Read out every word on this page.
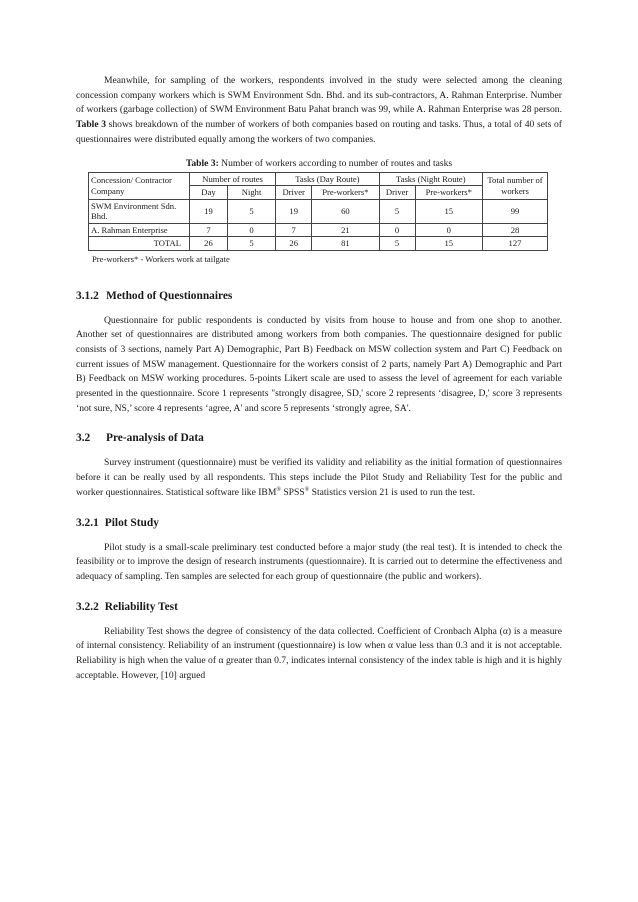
Meanwhile, for sampling of the workers, respondents involved in the study were selected among the cleaning concession company workers which is SWM Environment Sdn. Bhd. and its sub-contractors, A. Rahman Enterprise. Number of workers (garbage collection) of SWM Environment Batu Pahat branch was 99, while A. Rahman Enterprise was 28 person. Table 3 shows breakdown of the number of workers of both companies based on routing and tasks. Thus, a total of 40 sets of questionnaires were distributed equally among the workers of two companies.

Table 3: Number of workers according to number of routes and tasks
Concession/ Contractor Company	Number of routes		Tasks (Day Route)		Tasks (Night Route)		Total number of workers
	Day	Night	Driver	Pre-workers*	Driver	Pre-workers*	
SWM Environment Sdn. Bhd.	19	5	19	60	5	15	99
A. Rahman Enterprise	7	0	7	21	0	0	28
TOTAL	26	5	26	81	5	15	127
Pre-workers* - Workers work at tailgate
3.1.2 Method of Questionnaires

Questionnaire for public respondents is conducted by visits from house to house and from one shop to another. Another set of questionnaires are distributed among workers from both companies. The questionnaire designed for public consists of 3 sections, namely Part A) Demographic, Part B) Feedback on MSW collection system and Part C) Feedback on current issues of MSW management. Questionnaire for the workers consist of 2 parts, namely Part A) Demographic and Part B) Feedback on MSW working procedures. 5-points Likert scale are used to assess the level of agreement for each variable presented in the questionnaire. Score 1 represents "strongly disagree, SD,' score 2 represents ‘disagree, D,' score 3 represents ‘not sure, NS,’ score 4 represents ‘agree, A' and score 5 represents ‘strongly agree, SA'.

3.2 Pre-analysis of Data

Survey instrument (questionnaire) must be verified its validity and reliability as the initial formation of questionnaires before it can be really used by all respondents. This steps include the Pilot Study and Reliability Test for the public and worker questionnaires. Statistical software like IBM® SPSS® Statistics version 21 is used to run the test.

3.2.1 Pilot Study

Pilot study is a small-scale preliminary test conducted before a major study (the real test). It is intended to check the feasibility or to improve the design of research instruments (questionnaire). It is carried out to determine the effectiveness and adequacy of sampling. Ten samples are selected for each group of questionnaire (the public and workers).

3.2.2 Reliability Test

Reliability Test shows the degree of consistency of the data collected. Coefficient of Cronbach Alpha (α) is a measure of internal consistency. Reliability of an instrument (questionnaire) is low when α value less than 0.3 and it is not acceptable. Reliability is high when the value of α greater than 0.7, indicates internal consistency of the index table is high and it is highly acceptable. However, [10] argued
